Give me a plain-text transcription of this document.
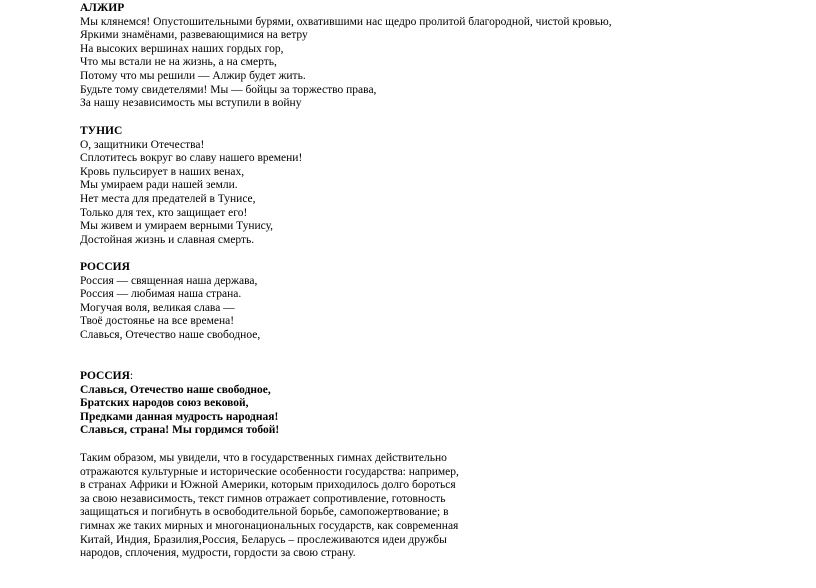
АЛЖИР
Мы клянемся! Опустошительными бурями, охватившими нас щедро пролитой благородной, чистой кровью,
Яркими знамёнами, развевающимися на ветру
На высоких вершинах наших гордых гор,
Что мы встали не на жизнь, а на смерть,
Потому что мы решили — Алжир будет жить.
Будьте тому свидетелями! Мы — бойцы за торжество права,
За нашу независимость мы вступили в войну
ТУНИС
О, защитники Отечества!
Сплотитесь вокруг во славу нашего времени!
Кровь пульсирует в наших венах,
Мы умираем ради нашей земли.
Нет места для предателей в Тунисе,
Только для тех, кто защищает его!
Мы живем и умираем верными Тунису,
Достойная жизнь и славная смерть.
РОССИЯ
Россия — священная наша держава,
Россия — любимая наша страна.
Могучая воля, великая слава —
Твоё достоянье на все времена!
Славься, Отечество наше свободное,
РОССИЯ:
Славься, Отечество наше свободное,
Братских народов союз вековой,
Предками данная мудрость народная!
Славься, страна! Мы гордимся тобой!
Таким образом, мы увидели, что в государственных гимнах действительно
отражаются культурные и исторические особенности государства: например,
в странах Африки и Южной Америки, которым приходилось долго бороться
за свою независимость, текст гимнов отражает сопротивление, готовность
защищаться и погибнуть в освободительной борьбе, самопожертвование; в
гимнах же таких мирных и многонациональных государств, как современная
Китай, Индия, Бразилия,Россия, Беларусь – прослеживаются идеи дружбы
народов, сплочения, мудрости, гордости за свою страну.
